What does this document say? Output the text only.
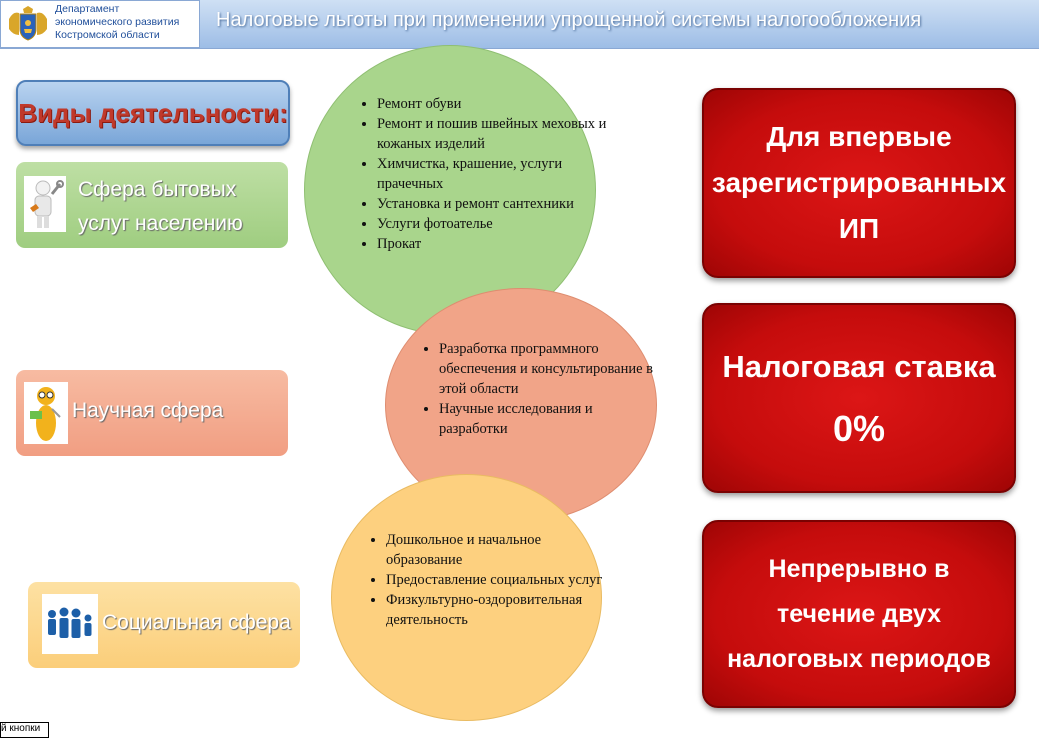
Департамент
экономического развития
Костромской области
Налоговые льготы при применении упрощенной системы налогообложения
Виды деятельности:
Сфера бытовых
услуг населению
Научная сфера
Социальная сфера
• Ремонт обуви
• Ремонт и пошив швейных меховых и кожаных изделий
• Химчистка, крашение, услуги прачечных
• Установка и ремонт сантехники
• Услуги фотоателье
• Прокат
• Разработка программного обеспечения и консультирование в этой области
• Научные исследования и разработки
• Дошкольное и начальное образование
• Предоставление социальных услуг
• Физкультурно-оздоровительная деятельность
Для впервые
зарегистрированных
ИП
Налоговая ставка
0%
Непрерывно в
течение двух
налоговых периодов
й кнопки
